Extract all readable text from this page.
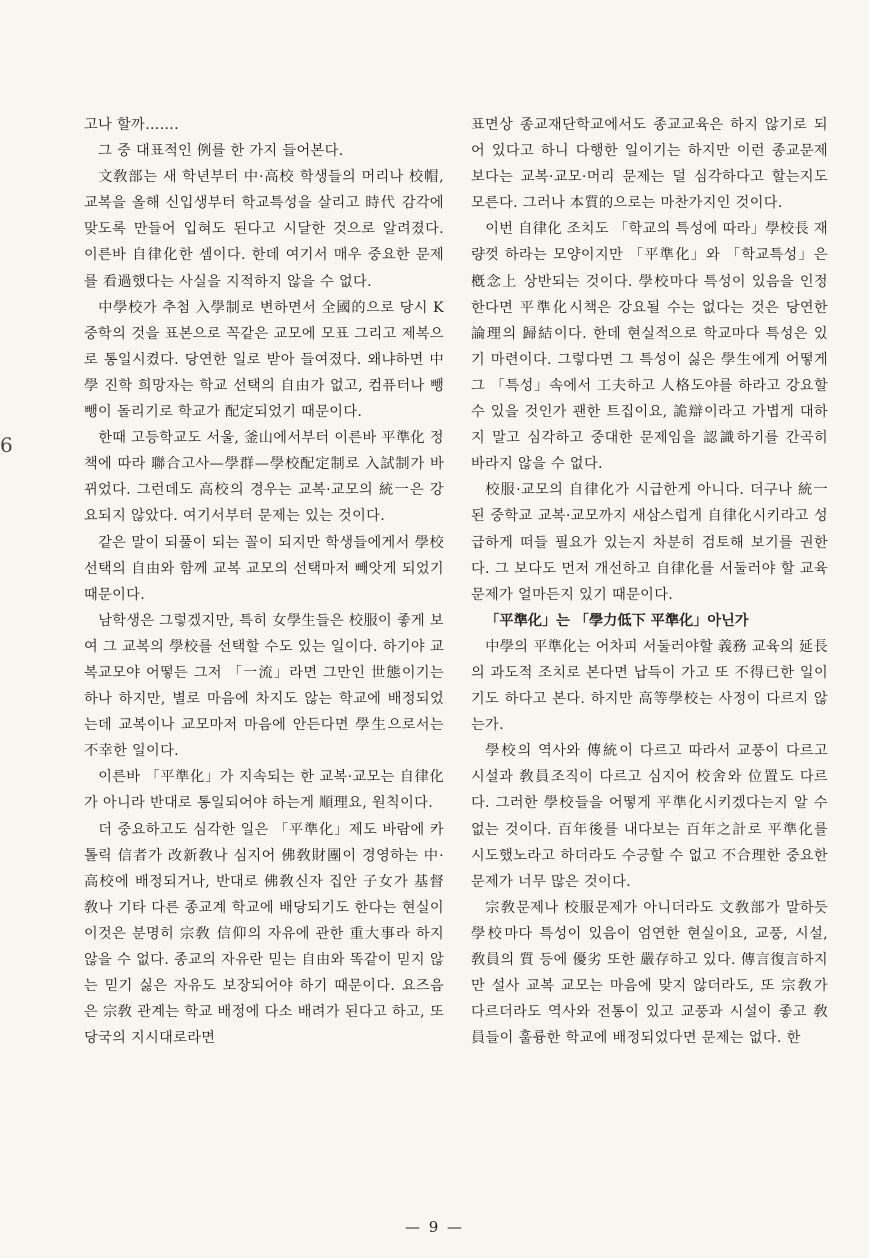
6

고나 할까…….

그 중 대표적인 例를 한 가지 들어본다.

文敎部는 새 학년부터 中·高校 학생들의 머리나 校帽, 교복을 올해 신입생부터 학교특성을 살리고 時代 감각에 맞도록 만들어 입혀도 된다고 시달한 것으로 알려졌다. 이른바 自律化한 셈이다. 한데 여기서 매우 중요한 문제를 看過했다는 사실을 지적하지 않을 수 없다.

中學校가 추첨 入學制로 변하면서 全國的으로 당시 K중학의 것을 표본으로 꼭같은 교모에 모표 그리고 제복으로 통일시켰다. 당연한 일로 받아 들여졌다. 왜냐하면 中學 진학 희망자는 학교 선택의 自由가 없고, 컴퓨터나 뺑뺑이 돌리기로 학교가 配定되었기 때문이다.

한때 고등학교도 서울, 釜山에서부터 이른바 平準化 정책에 따라 聯合고사—學群—學校配定制로 入試制가 바뀌었다. 그런데도 高校의 경우는 교복·교모의 統一은 강요되지 않았다. 여기서부터 문제는 있는 것이다.

같은 말이 되풀이 되는 꼴이 되지만 학생들에게서 學校선택의 自由와 함께 교복 교모의 선택마저 빼앗게 되었기 때문이다.

남학생은 그렇겠지만, 특히 女學生들은 校服이 좋게 보여 그 교복의 學校를 선택할 수도 있는 일이다. 하기야 교복교모야 어떻든 그저 「一流」라면 그만인 世態이기는 하나 하지만, 별로 마음에 차지도 않는 학교에 배정되었는데 교복이나 교모마저 마음에 안든다면 學生으로서는 不幸한 일이다.

이른바 「平準化」가 지속되는 한 교복·교모는 自律化가 아니라 반대로 통일되어야 하는게 順理요, 원칙이다.

더 중요하고도 심각한 일은 「平準化」제도 바람에 카톨릭 信者가 改新敎나 심지어 佛敎財團이 경영하는 中·高校에 배정되거나, 반대로 佛敎신자 집안 子女가 基督敎나 기타 다른 종교계 학교에 배당되기도 한다는 현실이 이것은 분명히 宗敎 信仰의 자유에 관한 重大事라 하지 않을 수 없다. 종교의 자유란 믿는 自由와 똑같이 믿지 않는 믿기 싫은 자유도 보장되어야 하기 때문이다. 요즈음은 宗敎 관계는 학교 배정에 다소 배려가 된다고 하고, 또 당국의 지시대로라면

표면상 종교재단학교에서도 종교교육은 하지 않기로 되어 있다고 하니 다행한 일이기는 하지만 이런 종교문제 보다는 교복·교모·머리 문제는 덜 심각하다고 할는지도 모른다. 그러나 本質的으로는 마찬가지인 것이다.

이번 自律化 조치도 「학교의 특성에 따라」學校長 재량껏 하라는 모양이지만 「平準化」와 「학교특성」은 槪念上 상반되는 것이다. 學校마다 특성이 있음을 인정한다면 平準化시책은 강요될 수는 없다는 것은 당연한 論理의 歸結이다. 한데 현실적으로 학교마다 특성은 있기 마련이다. 그렇다면 그 특성이 싫은 學生에게 어떻게 그 「특성」속에서 工夫하고 人格도야를 하라고 강요할 수 있을 것인가 괜한 트집이요, 詭辯이라고 가볍게 대하지 말고 심각하고 중대한 문제임을 認識하기를 간곡히 바라지 않을 수 없다.

校服·교모의 自律化가 시급한게 아니다. 더구나 統一된 중학교 교복·교모까지 새삼스럽게 自律化시키라고 성급하게 떠들 필요가 있는지 차분히 검토해 보기를 권한다. 그 보다도 먼저 개선하고 自律化를 서둘러야 할 교육문제가 얼마든지 있기 때문이다.

「平準化」는 「學力低下 平準化」아닌가

中學의 平準化는 어차피 서둘러야할 義務 교육의 延長의 과도적 조치로 본다면 납득이 가고 또 不得已한 일이기도 하다고 본다. 하지만 高等學校는 사정이 다르지 않는가.

學校의 역사와 傳統이 다르고 따라서 교풍이 다르고 시설과 敎員조직이 다르고 심지어 校舍와 位置도 다르다. 그러한 學校들을 어떻게 平準化시키겠다는지 알 수 없는 것이다. 百年後를 내다보는 百年之計로 平準化를 시도했노라고 하더라도 수긍할 수 없고 不合理한 중요한 문제가 너무 많은 것이다.

宗敎문제나 校服문제가 아니더라도 文敎部가 말하듯 學校마다 특성이 있음이 엄연한 현실이요, 교풍, 시설, 敎員의 質 등에 優劣 또한 嚴存하고 있다. 傳言復言하지만 설사 교복 교모는 마음에 맞지 않더라도, 또 宗敎가 다르더라도 역사와 전통이 있고 교풍과 시설이 좋고 敎員들이 훌륭한 학교에 배정되었다면 문제는 없다. 한

— 9 —
